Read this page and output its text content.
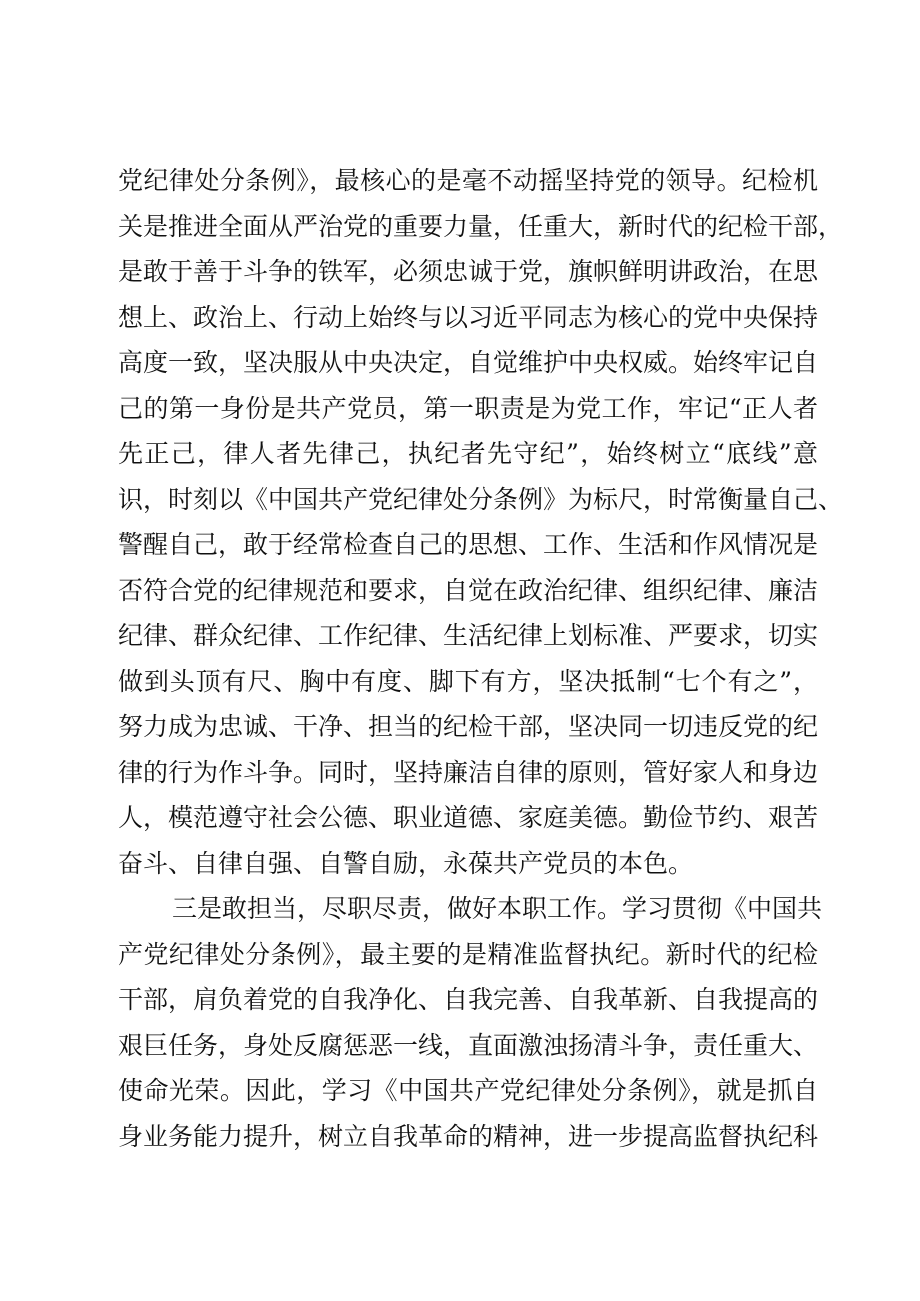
党纪律处分条例》，最核心的是毫不动摇坚持党的领导。纪检机
关是推进全面从严治党的重要力量，任重大，新时代的纪检干部，
是敢于善于斗争的铁军，必须忠诚于党，旗帜鲜明讲政治，在思
想上、政治上、行动上始终与以习近平同志为核心的党中央保持
高度一致，坚决服从中央决定，自觉维护中央权威。始终牢记自
己的第一身份是共产党员，第一职责是为党工作，牢记“正人者
先正己，律人者先律己，执纪者先守纪”，始终树立“底线”意
识，时刻以《中国共产党纪律处分条例》为标尺，时常衡量自己、
警醒自己，敢于经常检查自己的思想、工作、生活和作风情况是
否符合党的纪律规范和要求，自觉在政治纪律、组织纪律、廉洁
纪律、群众纪律、工作纪律、生活纪律上划标准、严要求，切实
做到头顶有尺、胸中有度、脚下有方，坚决抵制“七个有之”，
努力成为忠诚、干净、担当的纪检干部，坚决同一切违反党的纪
律的行为作斗争。同时，坚持廉洁自律的原则，管好家人和身边
人，模范遵守社会公德、职业道德、家庭美德。勤俭节约、艰苦
奋斗、自律自强、自警自励，永葆共产党员的本色。
三是敢担当，尽职尽责，做好本职工作。学习贯彻《中国共
产党纪律处分条例》，最主要的是精准监督执纪。新时代的纪检
干部，肩负着党的自我净化、自我完善、自我革新、自我提高的
艰巨任务，身处反腐惩恶一线，直面激浊扬清斗争，责任重大、
使命光荣。因此，学习《中国共产党纪律处分条例》，就是抓自
身业务能力提升，树立自我革命的精神，进一步提高监督执纪科
